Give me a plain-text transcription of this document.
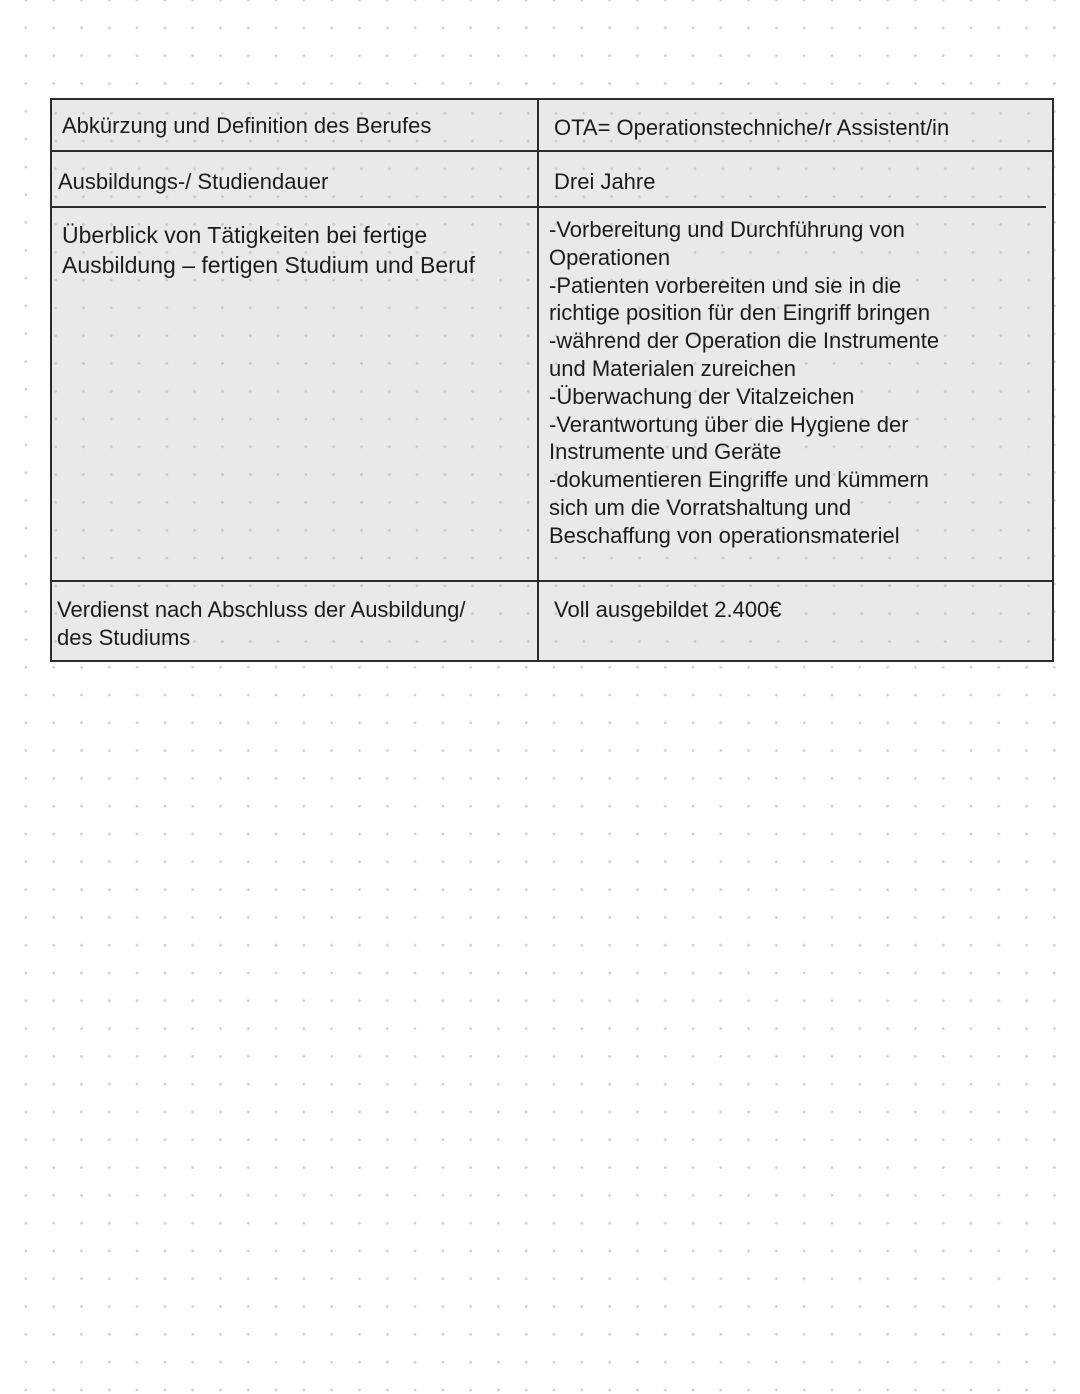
Abkürzung und Definition des Berufes	OTA= Operationstechniche/r Assistent/in
Ausbildungs-/ Studiendauer	Drei Jahre
Überblick von Tätigkeiten bei fertige
Ausbildung – fertigen Studium und Beruf
-Vorbereitung und Durchführung von
Operationen
-Patienten vorbereiten und sie in die
richtige position für den Eingriff bringen
-während der Operation die Instrumente
und Materialen zureichen
-Überwachung der Vitalzeichen
-Verantwortung über die Hygiene der
Instrumente und Geräte
-dokumentieren Eingriffe und kümmern
sich um die Vorratshaltung und
Beschaffung von operationsmateriel
Verdienst nach Abschluss der Ausbildung/
des Studiums
Voll ausgebildet 2.400€
